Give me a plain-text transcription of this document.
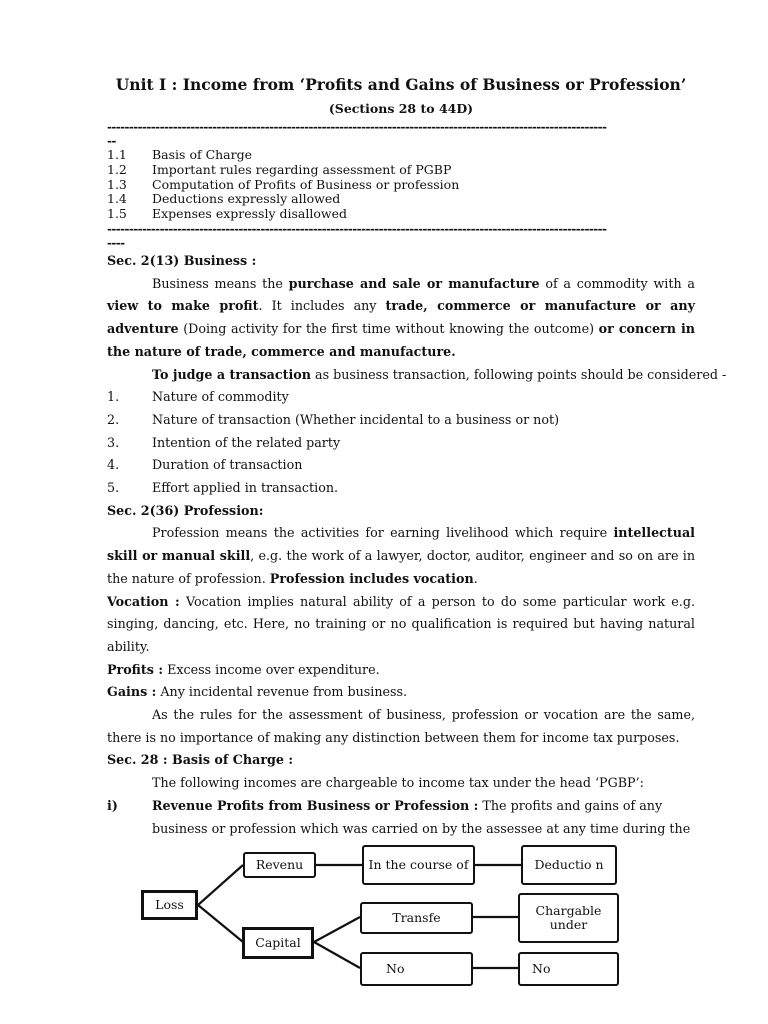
Unit I : Income from ‘Profits and Gains of Business or Profession’

(Sections 28 to 44D)

------------------------------------------------------------------------------------------------------------------
--
1.1	Basis of Charge
1.2	Important rules regarding assessment of PGBP
1.3	Computation of Profits of Business or profession
1.4	Deductions expressly allowed
1.5	Expenses expressly disallowed
------------------------------------------------------------------------------------------------------------------
----

Sec. 2(13) Business :

Business means the purchase and sale or manufacture of a commodity with a view to make profit. It includes any trade, commerce or manufacture or any adventure (Doing activity for the first time without knowing the outcome) or concern in the nature of trade, commerce and manufacture.

To judge a transaction as business transaction, following points should be considered -

1.	Nature of commodity
2.	Nature of transaction (Whether incidental to a business or not)
3.	Intention of the related party
4.	Duration of transaction
5.	Effort applied in transaction.

Sec. 2(36) Profession:

Profession means the activities for earning livelihood which require intellectual skill or manual skill, e.g. the work of a lawyer, doctor, auditor, engineer and so on are in the nature of profession. Profession includes vocation.

Vocation : Vocation implies natural ability of a person to do some particular work e.g. singing, dancing, etc. Here, no training or no qualification is required but having natural ability.

Profits : Excess income over expenditure.

Gains : Any incidental revenue from business.

As the rules for the assessment of business, profession or vocation are the same, there is no importance of making any distinction between them for income tax purposes.

Sec. 28 : Basis of Charge :

The following incomes are chargeable to income tax under the head ‘PGBP’:

i)	Revenue Profits from Business or Profession : The profits and gains of any business or profession which was carried on by the assessee at any time during the

Loss
Revenu
Capital
In the course of	Deductio n
Transfe	Chargable under
No	No
